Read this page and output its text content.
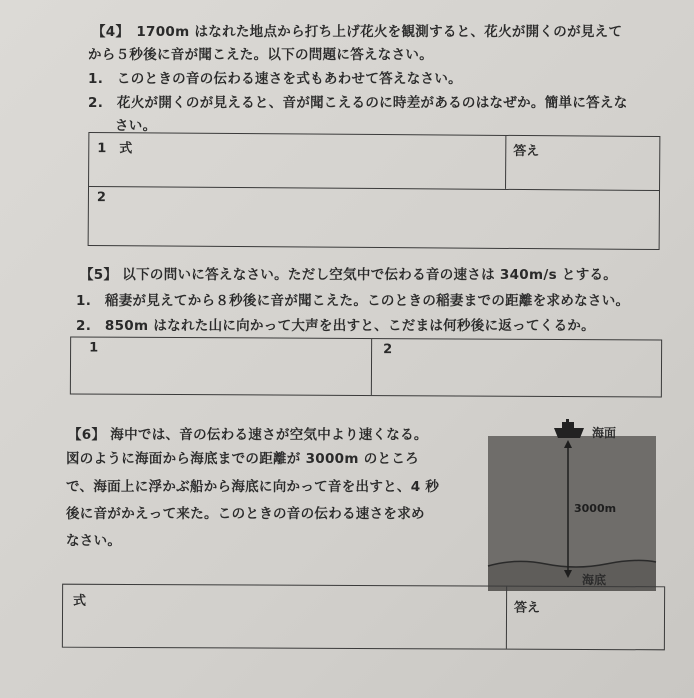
【4】　1700m はなれた地点から打ち上げ花火を観測すると、花火が開くのが見えて
から５秒後に音が聞こえた。以下の問題に答えなさい。
1.　このときの音の伝わる速さを式もあわせて答えなさい。
2.　花火が開くのが見えると、音が聞こえるのに時差があるのはなぜか。簡単に答えな
さい。
1　式	答え
2
【5】 以下の問いに答えなさい。ただし空気中で伝わる音の速さは 340m/s とする。
1.　稲妻が見えてから８秒後に音が聞こえた。このときの稲妻までの距離を求めなさい。
2.　850m はなれた山に向かって大声を出すと、こだまは何秒後に返ってくるか。
1	2
【6】 海中では、音の伝わる速さが空気中より速くなる。
図のように海面から海底までの距離が 3000m のところ
で、海面上に浮かぶ船から海底に向かって音を出すと、4 秒
後に音がかえって来た。このときの音の伝わる速さを求め
なさい。
海面
3000m
海底
式	答え
